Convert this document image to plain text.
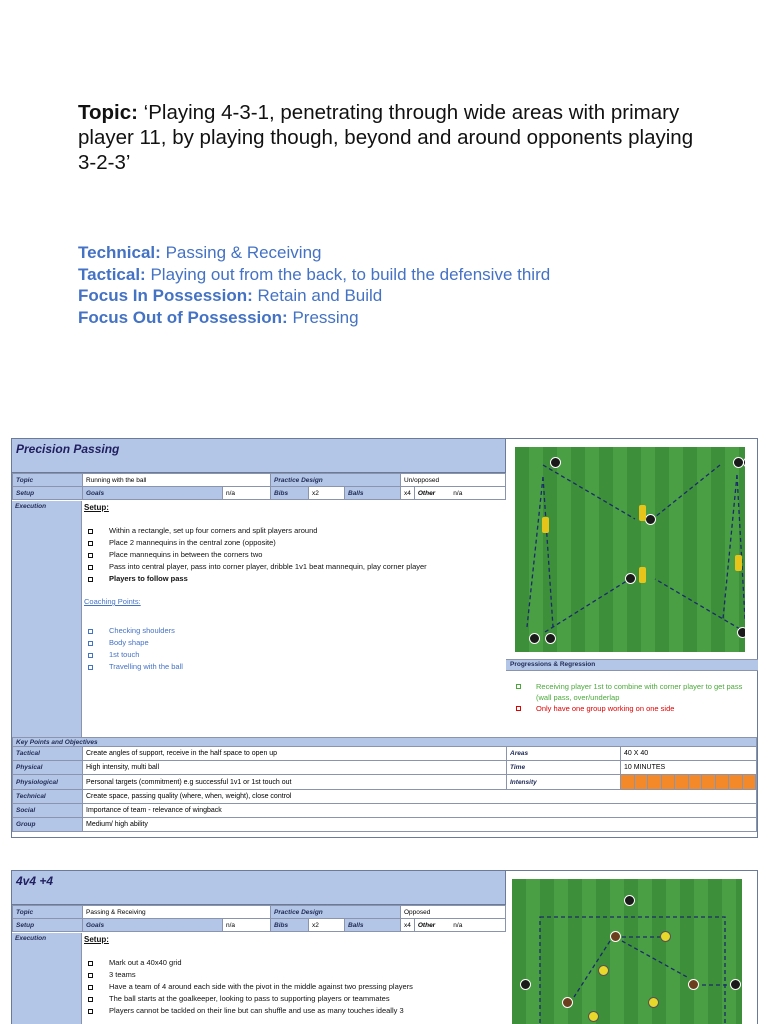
Topic: ‘Playing 4-3-1, penetrating through wide areas with primary player 11, by playing though, beyond and around opponents playing 3-2-3’
Technical: Passing & Receiving
Tactical: Playing out from the back, to build the defensive third
Focus In Possession: Retain and Build
Focus Out of Possession: Pressing
Precision Passing
Topic	Running with the ball		Practice Design			Un/opposed	
Setup	Goals	n/a	Bibs	x2	Balls	x4	Other n/a
Execution	Setup:
Within a rectangle, set up four corners and split players around
Place 2 mannequins in the central zone (opposite)
Place mannequins in between the corners two
Pass into central player, pass into corner player, dribble 1v1 beat mannequin, play corner player
Players to follow pass
Coaching Points:
Checking shoulders
Body shape
1st touch
Travelling with the ball	Progressions & Regression
Receiving player 1st to combine with corner player to get pass (wall pass, over/underlap
Only have one group working on one side
Key Points and Objectives			
Tactical	Create angles of support, receive in the half space to open up	Areas	40 X 40
Physical	High intensity, multi ball	Time	10 MINUTES
Physiological	Personal targets (commitment) e.g successful 1v1 or 1st touch out	Intensity	

Technical	Create space, passing quality (where, when, weight), close control		
Social	Importance of team - relevance of wingback		
Group	Medium/ high ability		
4v4 +4
Topic	Passing & Receiving		Practice Design			Opposed	
Setup	Goals	n/a	Bibs	x2	Balls	x4	Other n/a
Execution	Setup:
Mark out a 40x40 grid
3 teams
Have a team of 4 around each side with the pivot in the middle against two pressing players
The ball starts at the goalkeeper, looking to pass to supporting players or teammates
Players cannot be tackled on their line but can shuffle and use as many touches ideally 3
